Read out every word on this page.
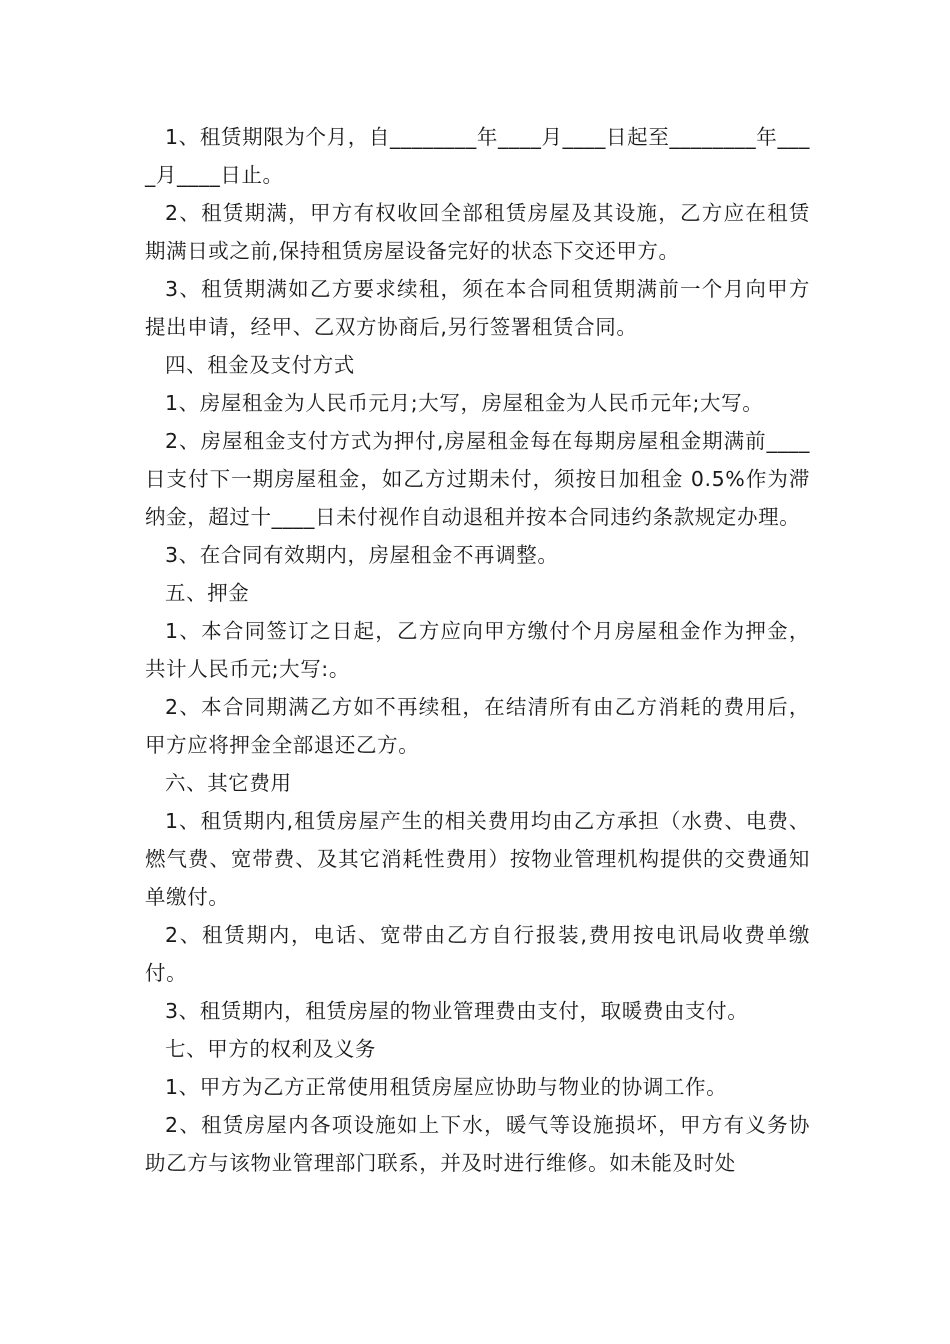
1、租赁期限为个月，自________年____月____日起至________年____月____日止。

2、租赁期满，甲方有权收回全部租赁房屋及其设施，乙方应在租赁期满日或之前,保持租赁房屋设备完好的状态下交还甲方。

3、租赁期满如乙方要求续租，须在本合同租赁期满前一个月向甲方提出申请，经甲、乙双方协商后,另行签署租赁合同。

四、租金及支付方式

1、房屋租金为人民币元月;大写，房屋租金为人民币元年;大写。

2、房屋租金支付方式为押付,房屋租金每在每期房屋租金期满前____日支付下一期房屋租金，如乙方过期未付，须按日加租金 0.5%作为滞纳金，超过十____日未付视作自动退租并按本合同违约条款规定办理。

3、在合同有效期内，房屋租金不再调整。

五、押金

1、本合同签订之日起，乙方应向甲方缴付个月房屋租金作为押金，共计人民币元;大写:。

2、本合同期满乙方如不再续租，在结清所有由乙方消耗的费用后，甲方应将押金全部退还乙方。

六、其它费用

1、租赁期内,租赁房屋产生的相关费用均由乙方承担（水费、电费、燃气费、宽带费、及其它消耗性费用）按物业管理机构提供的交费通知单缴付。

2、租赁期内，电话、宽带由乙方自行报装,费用按电讯局收费单缴付。

3、租赁期内，租赁房屋的物业管理费由支付，取暖费由支付。

七、甲方的权利及义务

1、甲方为乙方正常使用租赁房屋应协助与物业的协调工作。

2、租赁房屋内各项设施如上下水，暖气等设施损坏，甲方有义务协助乙方与该物业管理部门联系，并及时进行维修。如未能及时处
